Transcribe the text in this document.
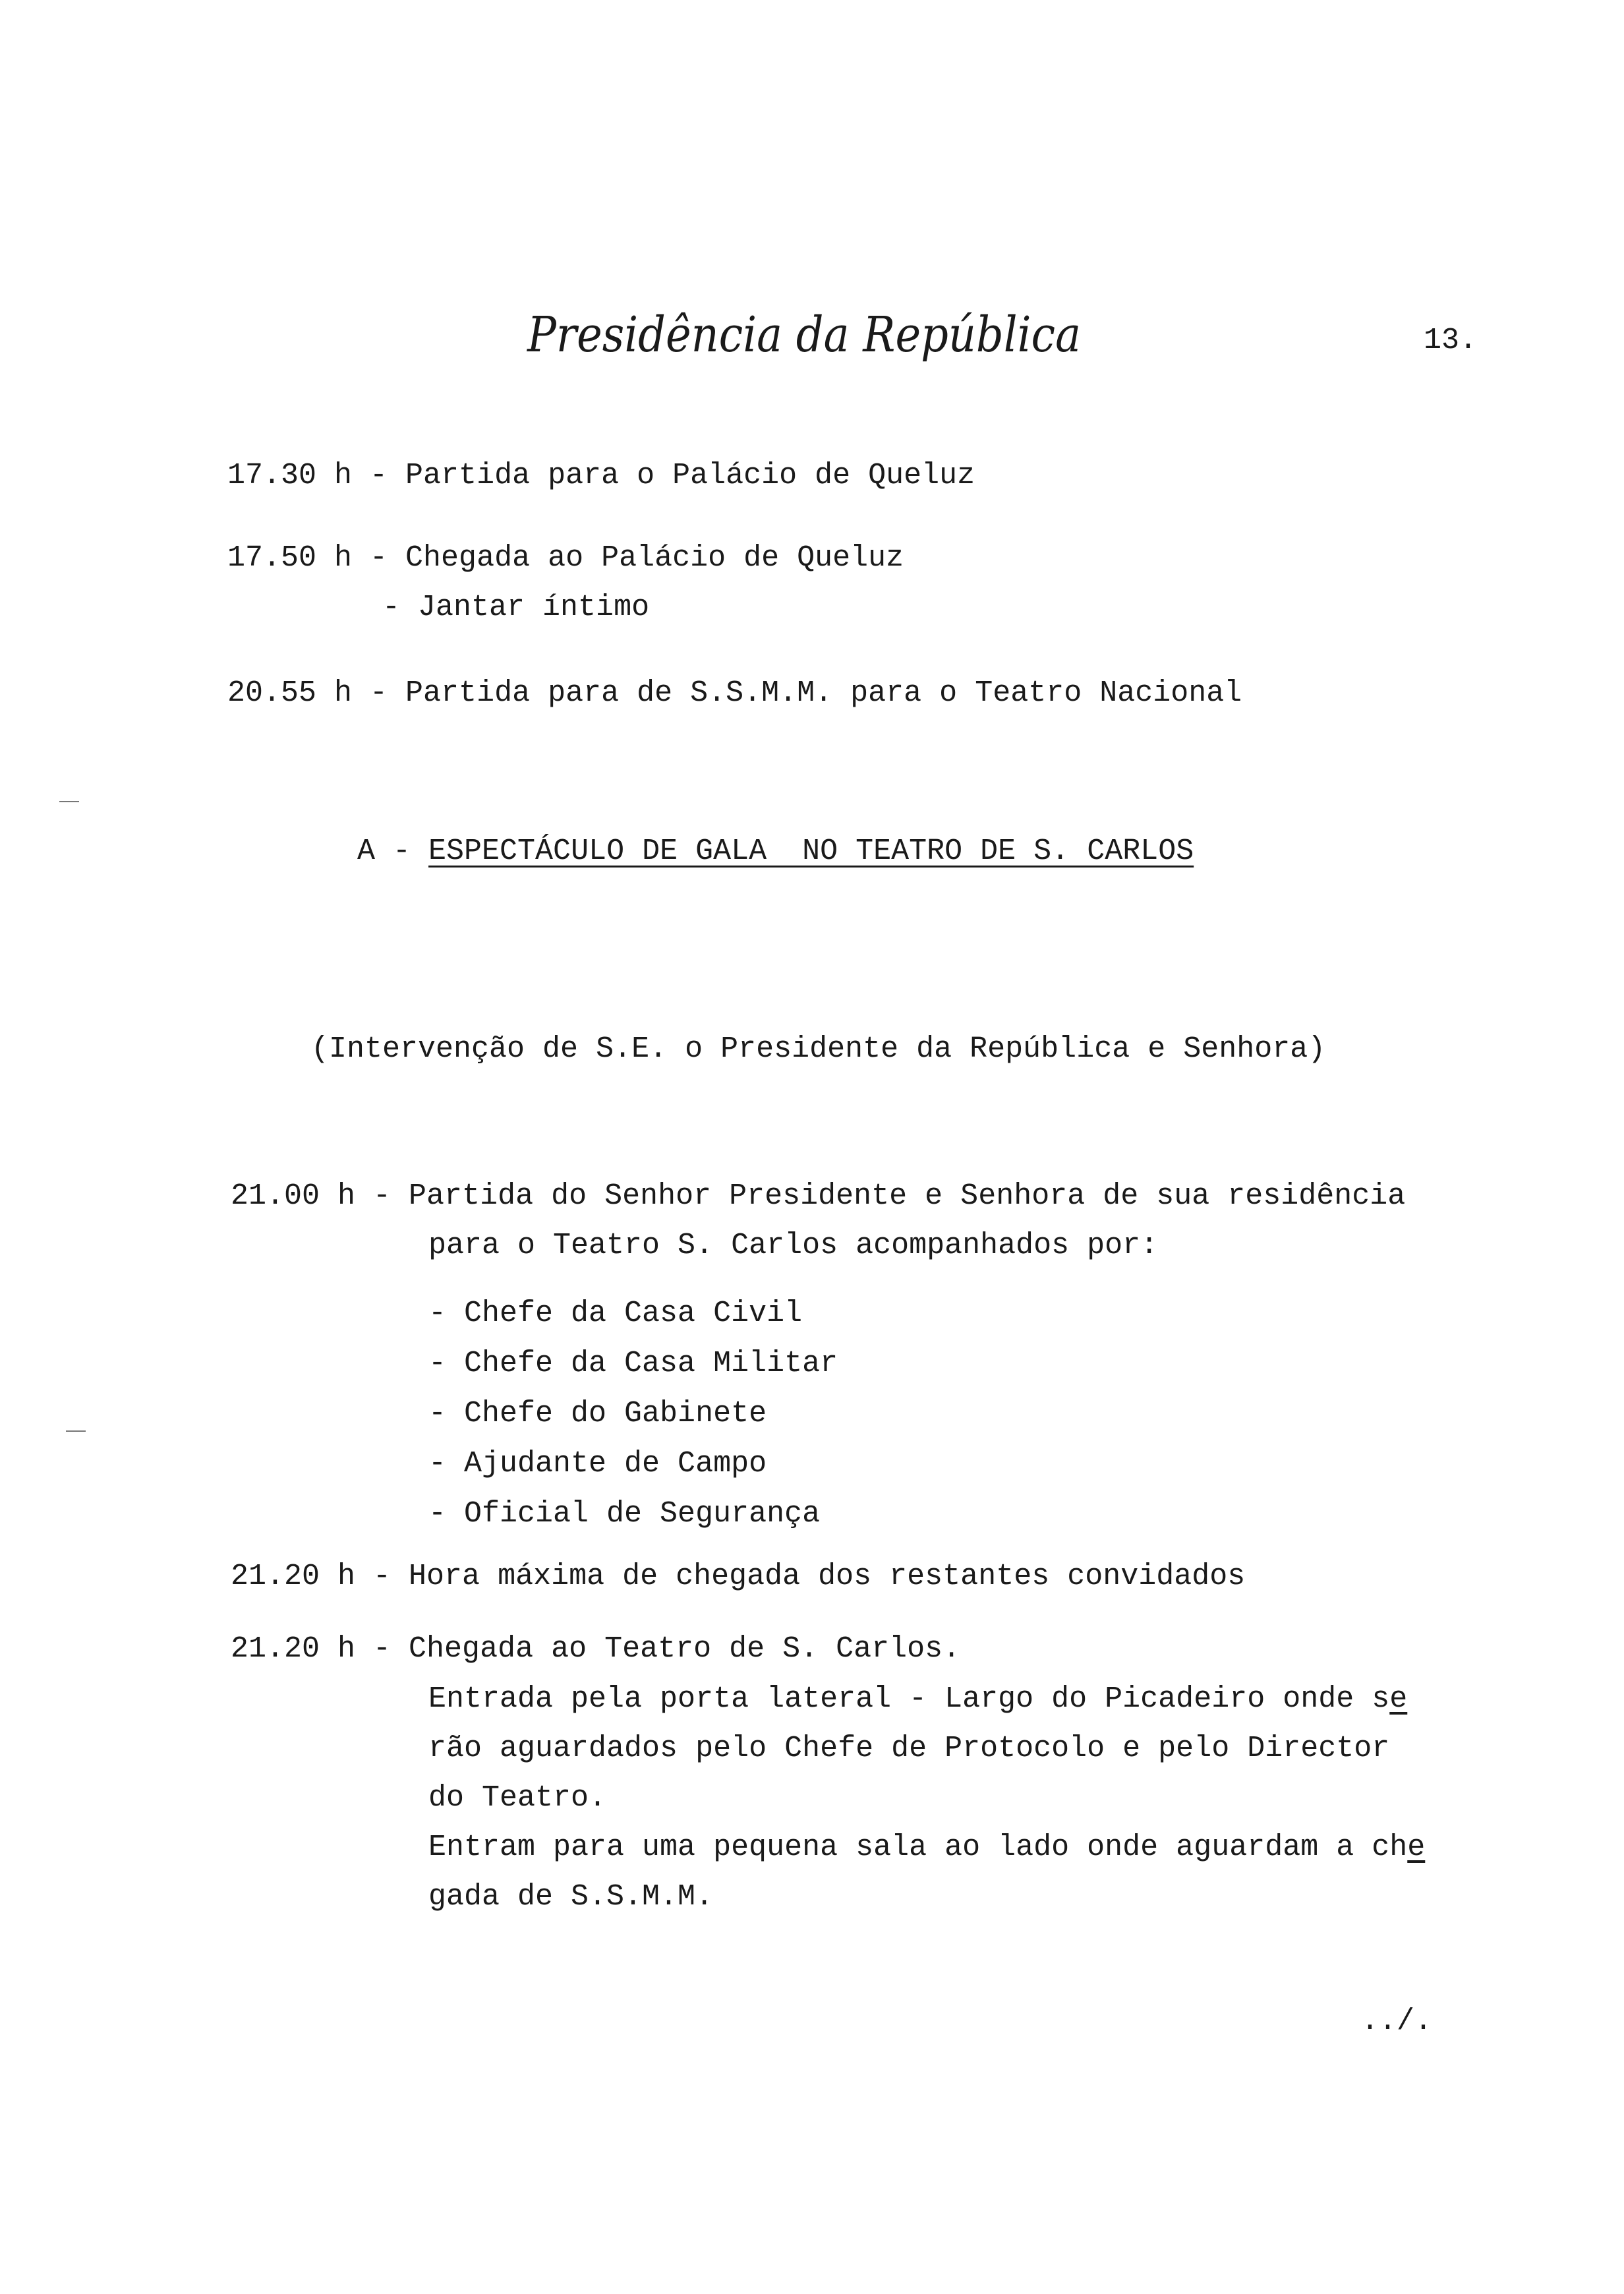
Presidência da República	13.
17.30 h - Partida para o Palácio de Queluz
17.50 h - Chegada ao Palácio de Queluz
- Jantar íntimo
20.55 h - Partida para de S.S.M.M. para o Teatro Nacional
A - ESPECTÁCULO DE GALA  NO TEATRO DE S. CARLOS
(Intervenção de S.E. o Presidente da República e Senhora)
21.00 h - Partida do Senhor Presidente e Senhora de sua residência
para o Teatro S. Carlos acompanhados por:
- Chefe da Casa Civil
- Chefe da Casa Militar
- Chefe do Gabinete
- Ajudante de Campo
- Oficial de Segurança
21.20 h - Hora máxima de chegada dos restantes convidados
21.20 h - Chegada ao Teatro de S. Carlos.
Entrada pela porta lateral - Largo do Picadeiro onde se
rão aguardados pelo Chefe de Protocolo e pelo Director
do Teatro.
Entram para uma pequena sala ao lado onde aguardam a che
gada de S.S.M.M.
../.
